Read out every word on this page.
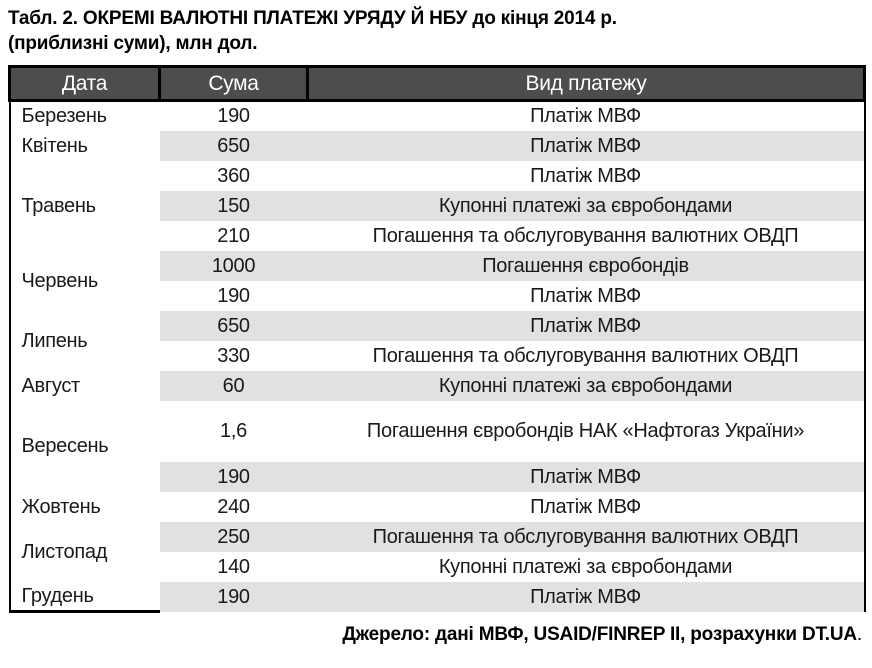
Табл. 2. ОКРЕМІ ВАЛЮТНІ ПЛАТЕЖІ УРЯДУ Й НБУ до кінця 2014 р.
(приблизні суми), млн дол.
Дата	Сума	Вид платежу
Березень	190	Платіж МВФ
Квітень	650	Платіж МВФ
Травень	360	Платіж МВФ
	150	Купонні платежі за євробондами
	210	Погашення та обслуговування валютних ОВДП
Червень	1000	Погашення євробондів
	190	Платіж МВФ
Липень	650	Платіж МВФ
	330	Погашення та обслуговування валютних ОВДП
Август	60	Купонні платежі за євробондами
Вересень	1,6	Погашення євробондів НАК «Нафтогаз України»
	190	Платіж МВФ
Жовтень	240	Платіж МВФ
Листопад	250	Погашення та обслуговування валютних ОВДП
	140	Купонні платежі за євробондами
Грудень	190	Платіж МВФ
Джерело: дані МВФ, USAID/FINREP II, розрахунки DT.UA.
